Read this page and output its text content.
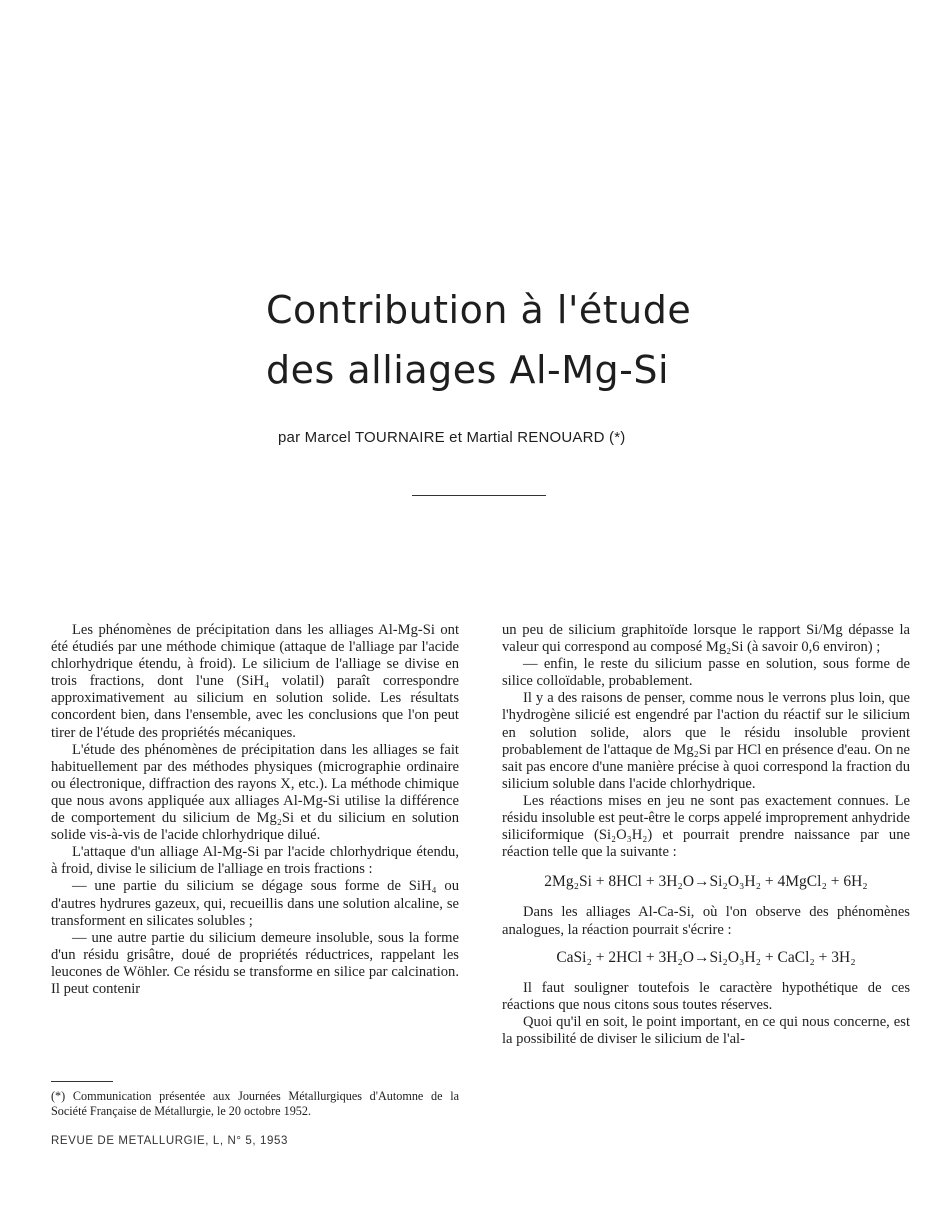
Contribution à l'étude
des alliages Al-Mg-Si

par Marcel TOURNAIRE et Martial RENOUARD (*)

Les phénomènes de précipitation dans les alliages Al-Mg-Si ont été étudiés par une méthode chimique (attaque de l'alliage par l'acide chlorhydrique étendu, à froid). Le silicium de l'alliage se divise en trois fractions, dont l'une (SiH₄ volatil) paraît correspondre approximativement au silicium en solution solide. Les résultats concordent bien, dans l'ensemble, avec les conclusions que l'on peut tirer de l'étude des propriétés mécaniques.

L'étude des phénomènes de précipitation dans les alliages se fait habituellement par des méthodes physiques (micrographie ordinaire ou électronique, diffraction des rayons X, etc.). La méthode chimique que nous avons appliquée aux alliages Al-Mg-Si utilise la différence de comportement du silicium de Mg₂Si et du silicium en solution solide vis-à-vis de l'acide chlorhydrique dilué.

L'attaque d'un alliage Al-Mg-Si par l'acide chlorhydrique étendu, à froid, divise le silicium de l'alliage en trois fractions :

— une partie du silicium se dégage sous forme de SiH₄ ou d'autres hydrures gazeux, qui, recueillis dans une solution alcaline, se transforment en silicates solubles ;

— une autre partie du silicium demeure insoluble, sous la forme d'un résidu grisâtre, doué de propriétés réductrices, rappelant les leucones de Wöhler. Ce résidu se transforme en silice par calcination. Il peut contenir

un peu de silicium graphitoïde lorsque le rapport Si/Mg dépasse la valeur qui correspond au composé Mg₂Si (à savoir 0,6 environ) ;

— enfin, le reste du silicium passe en solution, sous forme de silice colloïdable, probablement.

Il y a des raisons de penser, comme nous le verrons plus loin, que l'hydrogène silicié est engendré par l'action du réactif sur le silicium en solution solide, alors que le résidu insoluble provient probablement de l'attaque de Mg₂Si par HCl en présence d'eau. On ne sait pas encore d'une manière précise à quoi correspond la fraction du silicium soluble dans l'acide chlorhydrique.

Les réactions mises en jeu ne sont pas exactement connues. Le résidu insoluble est peut-être le corps appelé improprement anhydride siliciformique (Si₂O₃H₂) et pourrait prendre naissance par une réaction telle que la suivante :

2Mg₂Si + 8HCl + 3H₂O→Si₂O₃H₂ + 4MgCl₂ + 6H₂

Dans les alliages Al-Ca-Si, où l'on observe des phénomènes analogues, la réaction pourrait s'écrire :

CaSi₂ + 2HCl + 3H₂O→Si₂O₃H₂ + CaCl₂ + 3H₂

Il faut souligner toutefois le caractère hypothétique de ces réactions que nous citons sous toutes réserves.

Quoi qu'il en soit, le point important, en ce qui nous concerne, est la possibilité de diviser le silicium de l'al-

(*) Communication présentée aux Journées Métallurgiques d'Automne de la Société Française de Métallurgie, le 20 octobre 1952.

REVUE DE METALLURGIE, L, N° 5, 1953
